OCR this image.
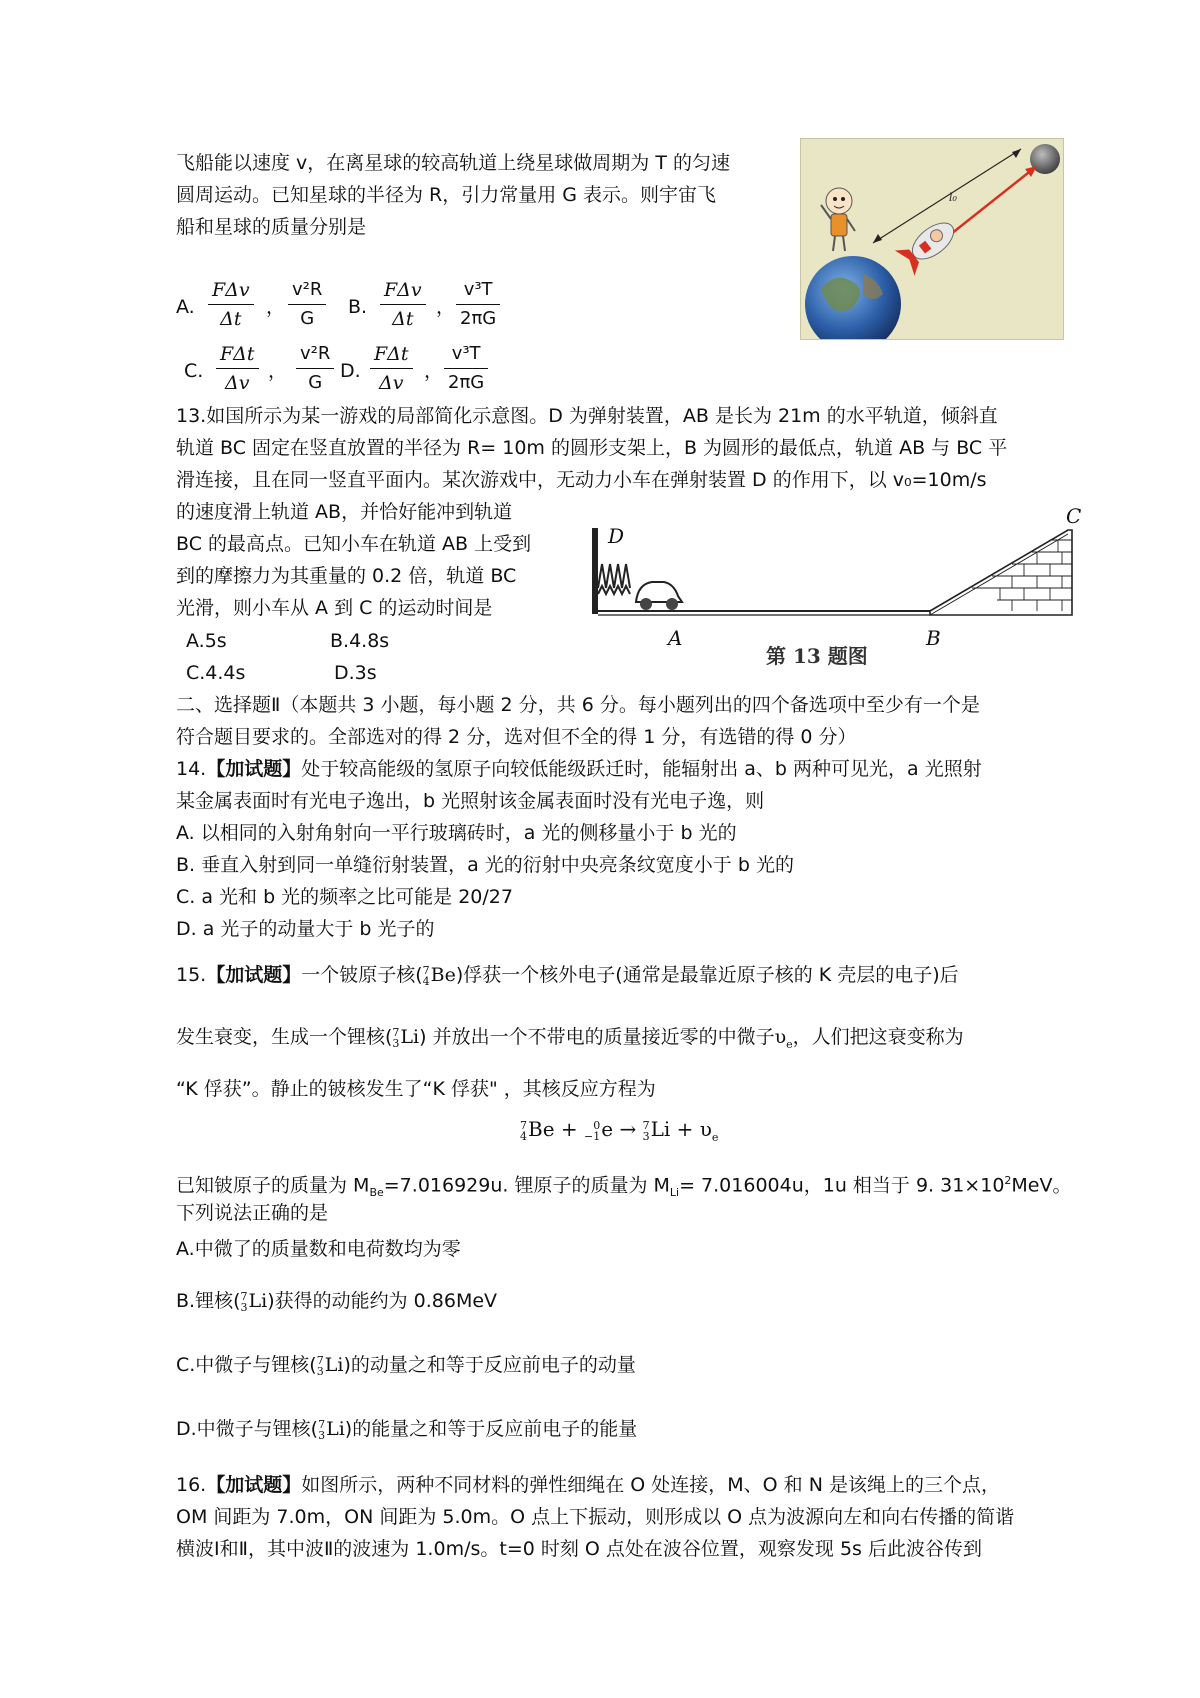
飞船能以速度 v，在离星球的较高轨道上绕星球做周期为 T 的匀速
圆周运动。已知星球的半径为 R，引力常量用 G 表示。则宇宙飞
船和星球的质量分别是
l₀
A. $\frac{\text{FΔv}}{\Delta t}$ ， $\frac{\text{v²R}}{G} B$. $\frac{\text{FΔv}}{\Delta t}$ ， $\frac{\text{v³T}}{2\pi G}$
C. $\frac{\text{FΔt}}{\Delta v}$ ， $\frac{\text{v²R}}{G} D$. $\frac{\text{FΔt}}{\Delta v}$ ， $\frac{\text{v³T}}{2\pi G}$
13.如国所示为某一游戏的局部简化示意图。D 为弹射装置，AB 是长为 21m 的水平轨道，倾斜直
轨道 BC 固定在竖直放置的半径为 R= 10m 的圆形支架上，B 为圆形的最低点，轨道 AB 与 BC 平
滑连接，且在同一竖直平面内。某次游戏中，无动力小车在弹射装置 D 的作用下，以 v₀=10m/s
的速度滑上轨道 AB，并恰好能冲到轨道
BC 的最高点。已知小车在轨道 AB 上受到
到的摩擦力为其重量的 0.2 倍，轨道 BC
光滑，则小车从 A 到 C 的运动时间是
A.5s	B.4.8s
C.4.4s	D.3s
D
A	B
C
第 13 题图
二、选择题Ⅱ（本题共 3 小题，每小题 2 分，共 6 分。每小题列出的四个备选项中至少有一个是
符合题目要求的。全部选对的得 2 分，选对但不全的得 1 分，有选错的得 0 分）
14.【加试题】处于较高能级的氢原子向较低能级跃迁时，能辐射出 a、b 两种可见光，a 光照射
某金属表面时有光电子逸出，b 光照射该金属表面时没有光电子逸，则
A. 以相同的入射角射向一平行玻璃砖时，a 光的侧移量小于 b 光的
B. 垂直入射到同一单缝衍射装置，a 光的衍射中央亮条纹宽度小于 b 光的
C. a 光和 b 光的频率之比可能是 20/27
D. a 光子的动量大于 b 光子的
15.【加试题】一个铍原子核( 7
4 Be)俘获一个核外电子(通常是最靠近原子核的 K 壳层的电子)后
发生衰变，生成一个锂核( 7
3 Li) 并放出一个不带电的质量接近零的中微子$\upsilon_e$，人们把这衰变称为
“K 俘获”。静止的铍核发生了“K 俘获" ，其核反应方程为
7
4 Be +	0
−1 e → 7
3 $Li + \upsilon_e$
已知铍原子的质量为 $M_{Be}=7.016929u$. 锂原子的质量为 $M_{Li}= 7.016004u$，1u 相当于 9. $31\times 10^2MeV$。
下列说法正确的是
A.中微了的质量数和电荷数均为零
B.锂核( 7
3 Li)获得的动能约为 0.86MeV
C.中微子与锂核( 7
3 Li)的动量之和等于反应前电子的动量
D.中微子与锂核( 7
3 Li)的能量之和等于反应前电子的能量
16.【加试题】如图所示，两种不同材料的弹性细绳在 O 处连接，M、O 和 N 是该绳上的三个点，
OM 间距为 7.0m，ON 间距为 5.0m。O 点上下振动，则形成以 O 点为波源向左和向右传播的简谐
横波Ⅰ和Ⅱ，其中波Ⅱ的波速为 1.0m/s。t=0 时刻 O 点处在波谷位置，观察发现 5s 后此波谷传到
